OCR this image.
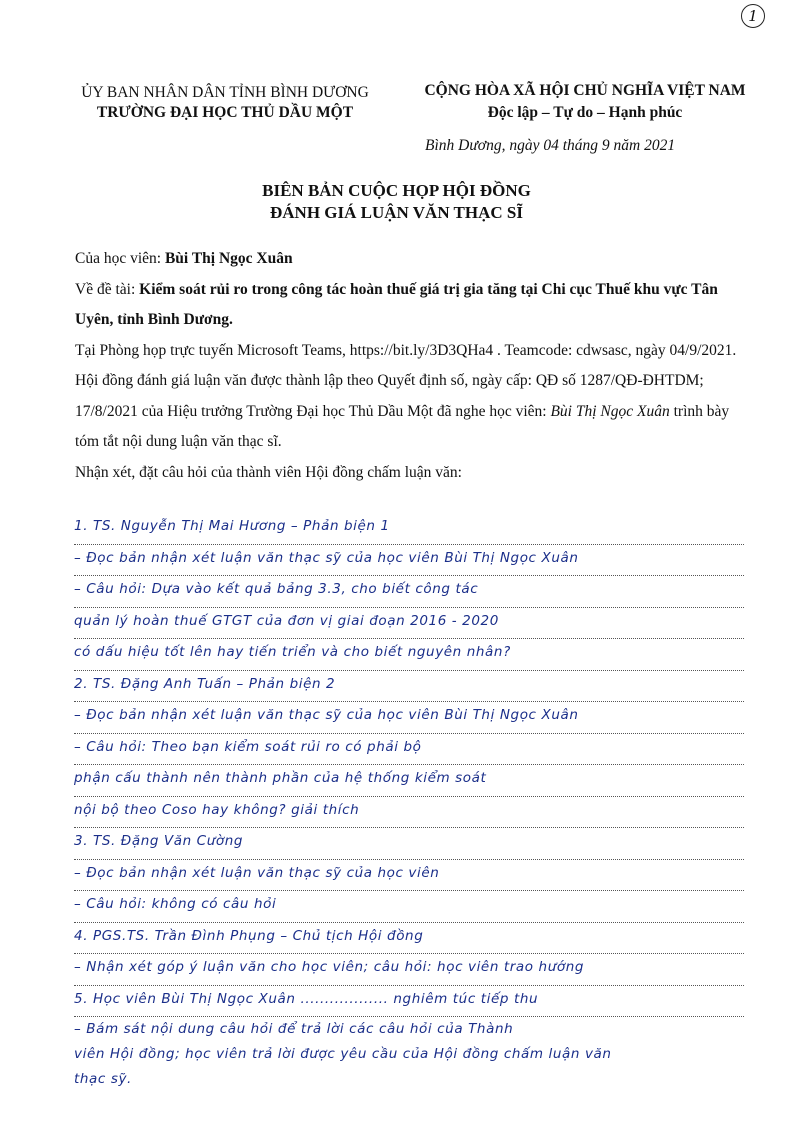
1
ỦY BAN NHÂN DÂN TỈNH BÌNH DƯƠNG
TRƯỜNG ĐẠI HỌC THỦ DẦU MỘT
CỘNG HÒA XÃ HỘI CHỦ NGHĨA VIỆT NAM
Độc lập – Tự do – Hạnh phúc
Bình Dương, ngày 04 tháng 9 năm 2021
BIÊN BẢN CUỘC HỌP HỘI ĐỒNG
ĐÁNH GIÁ LUẬN VĂN THẠC SĨ

Của học viên: Bùi Thị Ngọc Xuân

Về đề tài: Kiểm soát rủi ro trong công tác hoàn thuế giá trị gia tăng tại Chi cục Thuế khu vực Tân Uyên, tỉnh Bình Dương.

Tại Phòng họp trực tuyến Microsoft Teams, https://bit.ly/3D3QHa4 . Teamcode: cdwsasc, ngày 04/9/2021.

Hội đồng đánh giá luận văn được thành lập theo Quyết định số, ngày cấp: QĐ số 1287/QĐ-ĐHTDM; 17/8/2021 của Hiệu trưởng Trường Đại học Thủ Dầu Một đã nghe học viên: Bùi Thị Ngọc Xuân trình bày tóm tắt nội dung luận văn thạc sĩ.

Nhận xét, đặt câu hỏi của thành viên Hội đồng chấm luận văn:

1. TS. Nguyễn Thị Mai Hương – Phản biện 1
– Đọc bản nhận xét luận văn thạc sỹ của học viên Bùi Thị Ngọc Xuân
– Câu hỏi: Dựa vào kết quả bảng 3.3, cho biết công tác
quản lý hoàn thuế GTGT của đơn vị giai đoạn 2016 - 2020
có dấu hiệu tốt lên hay tiến triển và cho biết nguyên nhân?
2. TS. Đặng Anh Tuấn – Phản biện 2
– Đọc bản nhận xét luận văn thạc sỹ của học viên Bùi Thị Ngọc Xuân
– Câu hỏi: Theo bạn kiểm soát rủi ro có phải bộ
phận cấu thành nên thành phần của hệ thống kiểm soát
nội bộ theo Coso hay không? giải thích
3. TS. Đặng Văn Cường
– Đọc bản nhận xét luận văn thạc sỹ của học viên
– Câu hỏi: không có câu hỏi
4. PGS.TS. Trần Đình Phụng – Chủ tịch Hội đồng
– Nhận xét góp ý luận văn cho học viên; câu hỏi: học viên trao hướng
5. Học viên Bùi Thị Ngọc Xuân .................. nghiêm túc tiếp thu
– Bám sát nội dung câu hỏi để trả lời các câu hỏi của Thành
viên Hội đồng; học viên trả lời được yêu cầu của Hội đồng chấm luận văn
thạc sỹ.
